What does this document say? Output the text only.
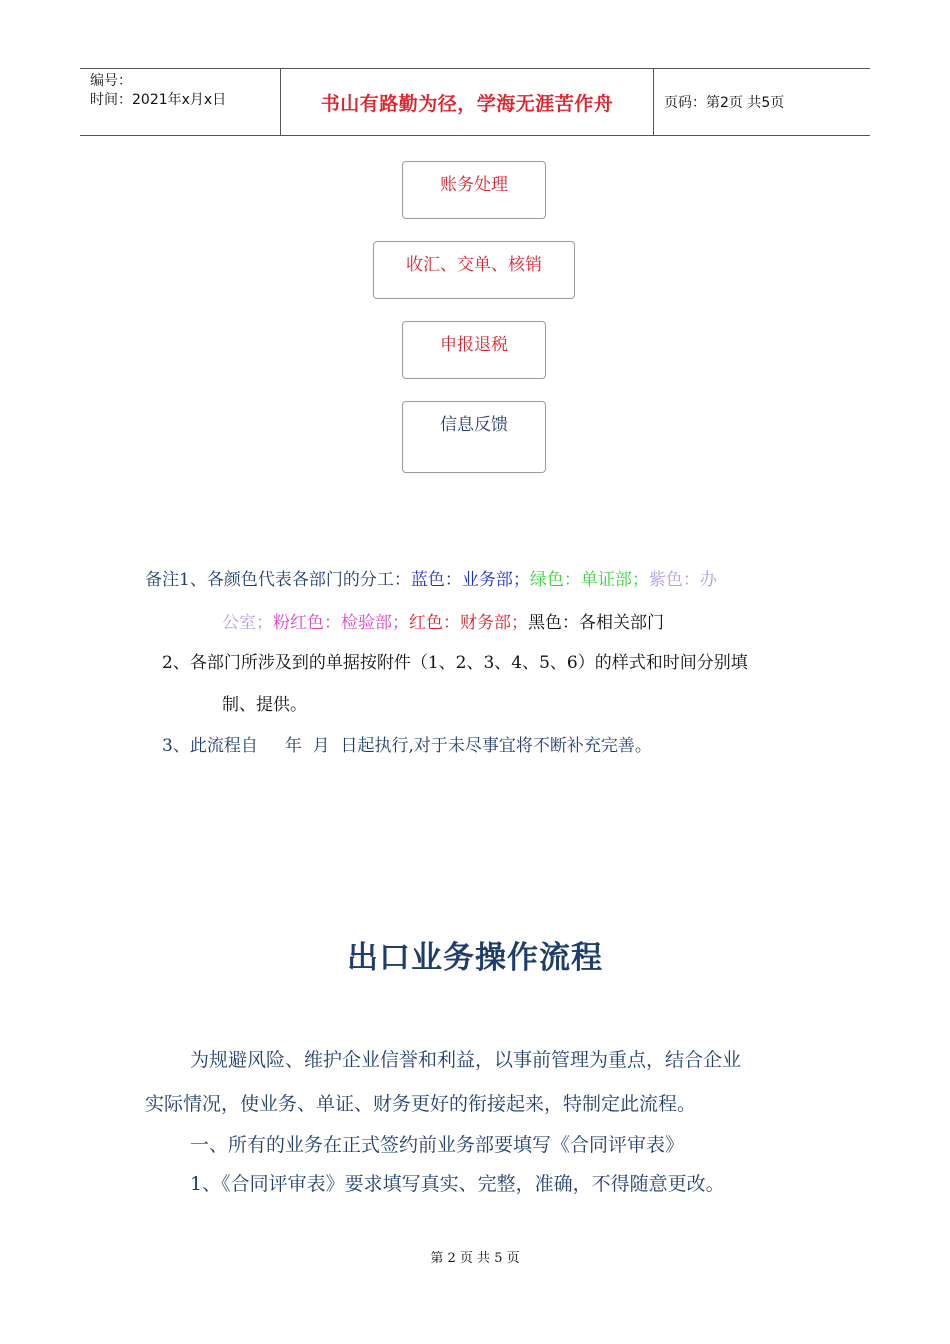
编号：
时间：2021年x月x日	书山有路勤为径，学海无涯苦作舟	页码：第2页 共5页
账务处理
收汇、交单、核销
申报退税
信息反馈
备注1、各颜色代表各部门的分工：蓝色：业务部；绿色：单证部；紫色：办
公室；粉红色：检验部；红色：财务部；黑色：各相关部门
2、各部门所涉及到的单据按附件（1、2、3、4、5、6）的样式和时间分别填
制、提供。
3、此流程自     年  月  日起执行,对于未尽事宜将不断补充完善。
出口业务操作流程
为规避风险、维护企业信誉和利益，以事前管理为重点，结合企业
实际情况，使业务、单证、财务更好的衔接起来，特制定此流程。
一、所有的业务在正式签约前业务部要填写《合同评审表》
1、《合同评审表》要求填写真实、完整，准确，不得随意更改。
第 2 页 共 5 页
